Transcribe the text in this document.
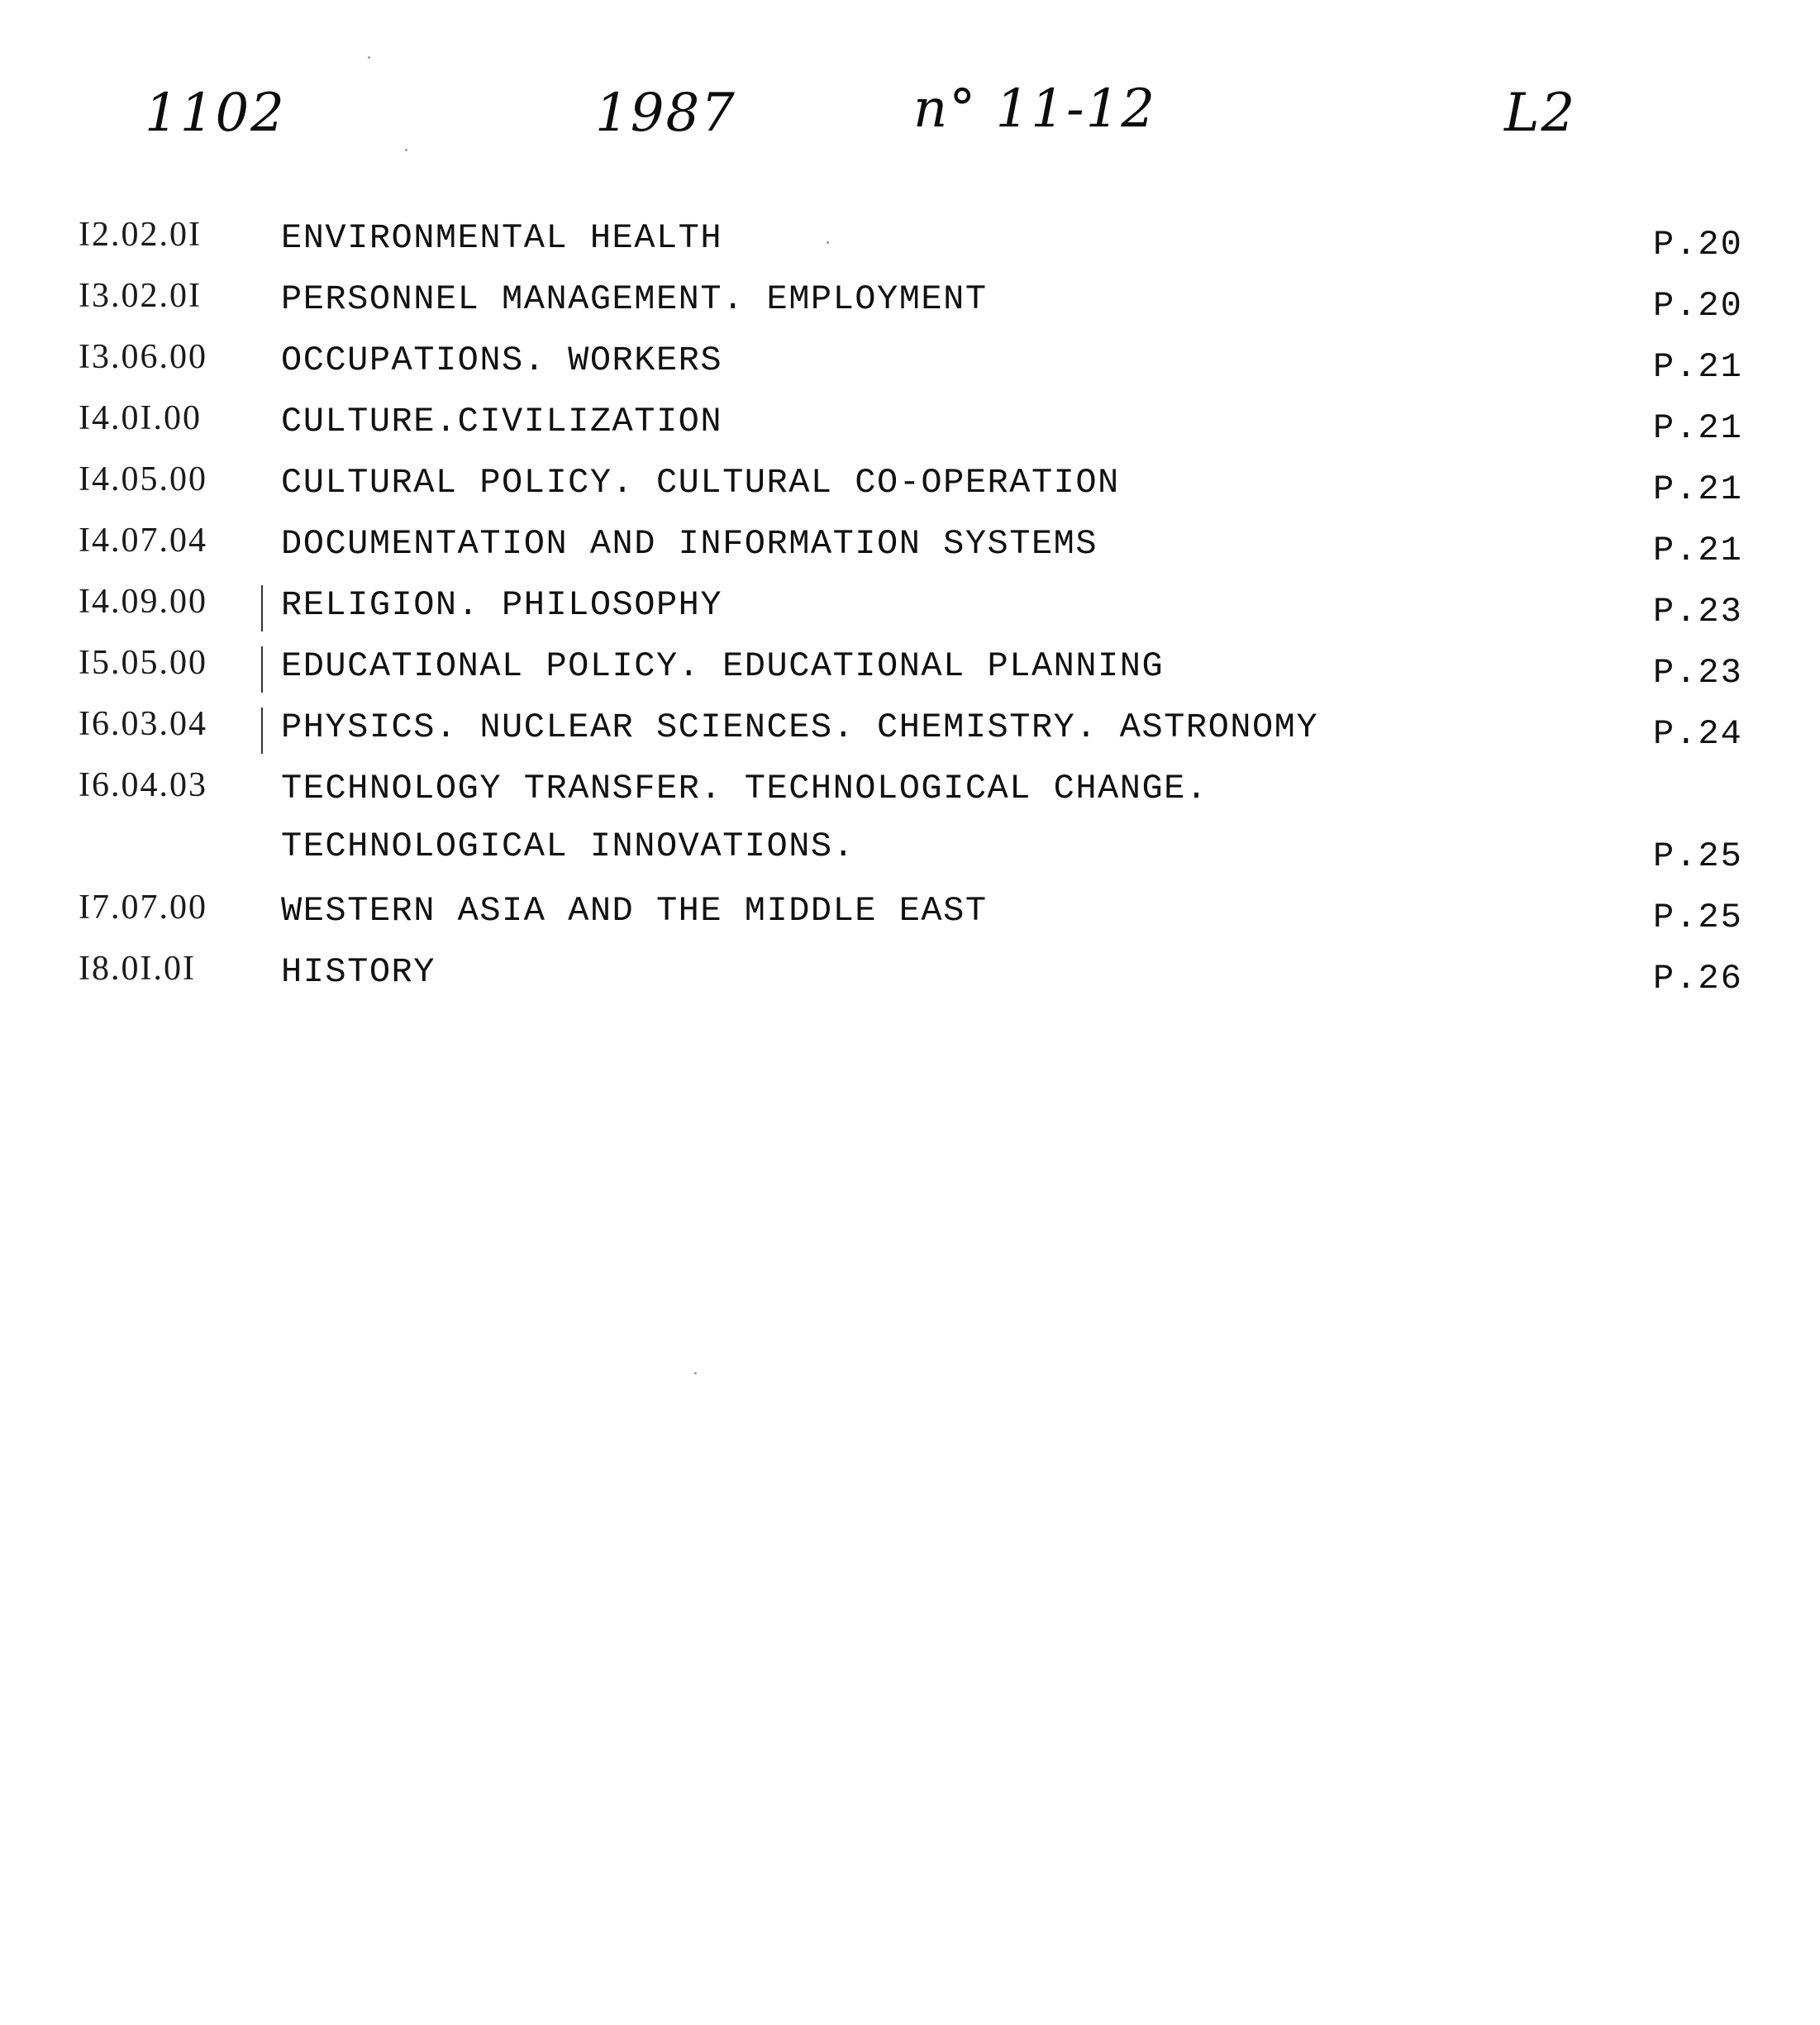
1102	1987	n° 11-12	L2
I2.02.0I	ENVIRONMENTAL HEALTH	P.20
I3.02.0I	PERSONNEL MANAGEMENT. EMPLOYMENT	P.20
I3.06.00	OCCUPATIONS. WORKERS	P.21
I4.0I.00	CULTURE.CIVILIZATION	P.21
I4.05.00	CULTURAL POLICY. CULTURAL CO-OPERATION	P.21
I4.07.04	DOCUMENTATION AND INFORMATION SYSTEMS	P.21
I4.09.00	RELIGION. PHILOSOPHY	P.23
I5.05.00	EDUCATIONAL POLICY. EDUCATIONAL PLANNING	P.23
I6.03.04	PHYSICS. NUCLEAR SCIENCES. CHEMISTRY. ASTRONOMY	P.24
I6.04.03	TECHNOLOGY TRANSFER. TECHNOLOGICAL CHANGE.
TECHNOLOGICAL INNOVATIONS.	P.25
I7.07.00	WESTERN ASIA AND THE MIDDLE EAST	P.25
I8.0I.0I	HISTORY	P.26
